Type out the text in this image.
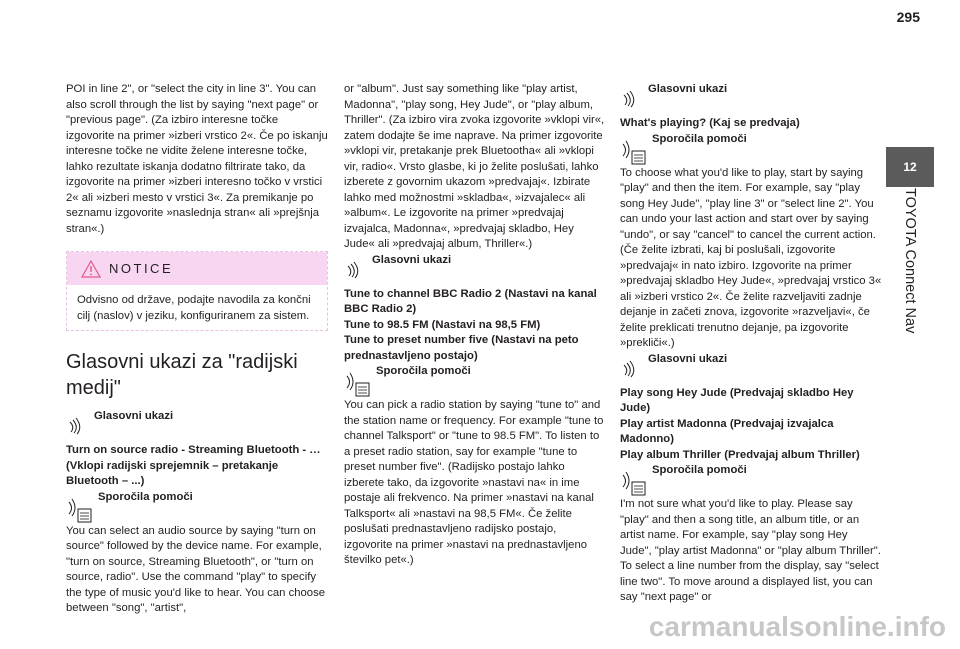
295
12
TOYOTA Connect Nav

POI in line 2", or "select the city in line 3". You can also scroll through the list by saying "next page" or "previous page". (Za izbiro interesne točke izgovorite na primer »izberi vrstico 2«. Če po iskanju interesne točke ne vidite želene interesne točke, lahko rezultate iskanja dodatno filtrirate tako, da izgovorite na primer »izberi interesno točko v vrstici 2« ali »izberi mesto v vrstici 3«. Za premikanje po seznamu izgovorite »naslednja stran« ali »prejšnja stran«.)

NOTICE
Odvisno od države, podajte navodila za končni cilj (naslov) v jeziku, konfiguriranem za sistem.
Glasovni ukazi za "radijski medij"
Glasovni ukazi

Turn on source radio - Streaming Bluetooth - … (Vklopi radijski sprejemnik – pretakanje Bluetooth – ...)

Sporočila pomoči

You can select an audio source by saying "turn on source" followed by the device name. For example, "turn on source, Streaming Bluetooth", or "turn on source, radio". Use the command "play" to specify the type of music you'd like to hear. You can choose between "song", "artist",

or "album". Just say something like "play artist, Madonna", "play song, Hey Jude", or "play album, Thriller". (Za izbiro vira zvoka izgovorite »vklopi vir«, zatem dodajte še ime naprave. Na primer izgovorite »vklopi vir, pretakanje prek Bluetootha« ali »vklopi vir, radio«. Vrsto glasbe, ki jo želite poslušati, lahko izberete z govornim ukazom »predvajaj«. Izbirate lahko med možnostmi »skladba«, »izvajalec« ali »album«. Le izgovorite na primer »predvajaj izvajalca, Madonna«, »predvajaj skladbo, Hey Jude« ali »predvajaj album, Thriller«.)

Glasovni ukazi

Tune to channel BBC Radio 2 (Nastavi na kanal BBC Radio 2)
Tune to 98.5 FM (Nastavi na 98,5 FM)
Tune to preset number five (Nastavi na peto prednastavljeno postajo)

Sporočila pomoči

You can pick a radio station by saying "tune to" and the station name or frequency. For example "tune to channel Talksport" or "tune to 98.5 FM". To listen to a preset radio station, say for example "tune to preset number five". (Radijsko postajo lahko izberete tako, da izgovorite »nastavi na« in ime postaje ali frekvenco. Na primer »nastavi na kanal Talksport« ali »nastavi na 98,5 FM«. Če želite poslušati prednastavljeno radijsko postajo, izgovorite na primer »nastavi na prednastavljeno številko pet«.)

Glasovni ukazi

What's playing? (Kaj se predvaja)

Sporočila pomoči

To choose what you'd like to play, start by saying "play" and then the item. For example, say "play song Hey Jude", "play line 3" or "select line 2". You can undo your last action and start over by saying "undo", or say "cancel" to cancel the current action. (Če želite izbrati, kaj bi poslušali, izgovorite »predvajaj« in nato izbiro. Izgovorite na primer »predvajaj skladbo Hey Jude«, »predvajaj vrstico 3« ali »izberi vrstico 2«. Če želite razveljaviti zadnje dejanje in začeti znova, izgovorite »razveljavi«, če želite preklicati trenutno dejanje, pa izgovorite »prekliči«.)

Glasovni ukazi

Play song Hey Jude (Predvajaj skladbo Hey Jude)
Play artist Madonna (Predvajaj izvajalca Madonno)
Play album Thriller (Predvajaj album Thriller)

Sporočila pomoči

I'm not sure what you'd like to play. Please say "play" and then a song title, an album title, or an artist name. For example, say "play song Hey Jude", "play artist Madonna" or "play album Thriller". To select a line number from the display, say "select line two". To move around a displayed list, you can say "next page" or

carmanualsonline.info
